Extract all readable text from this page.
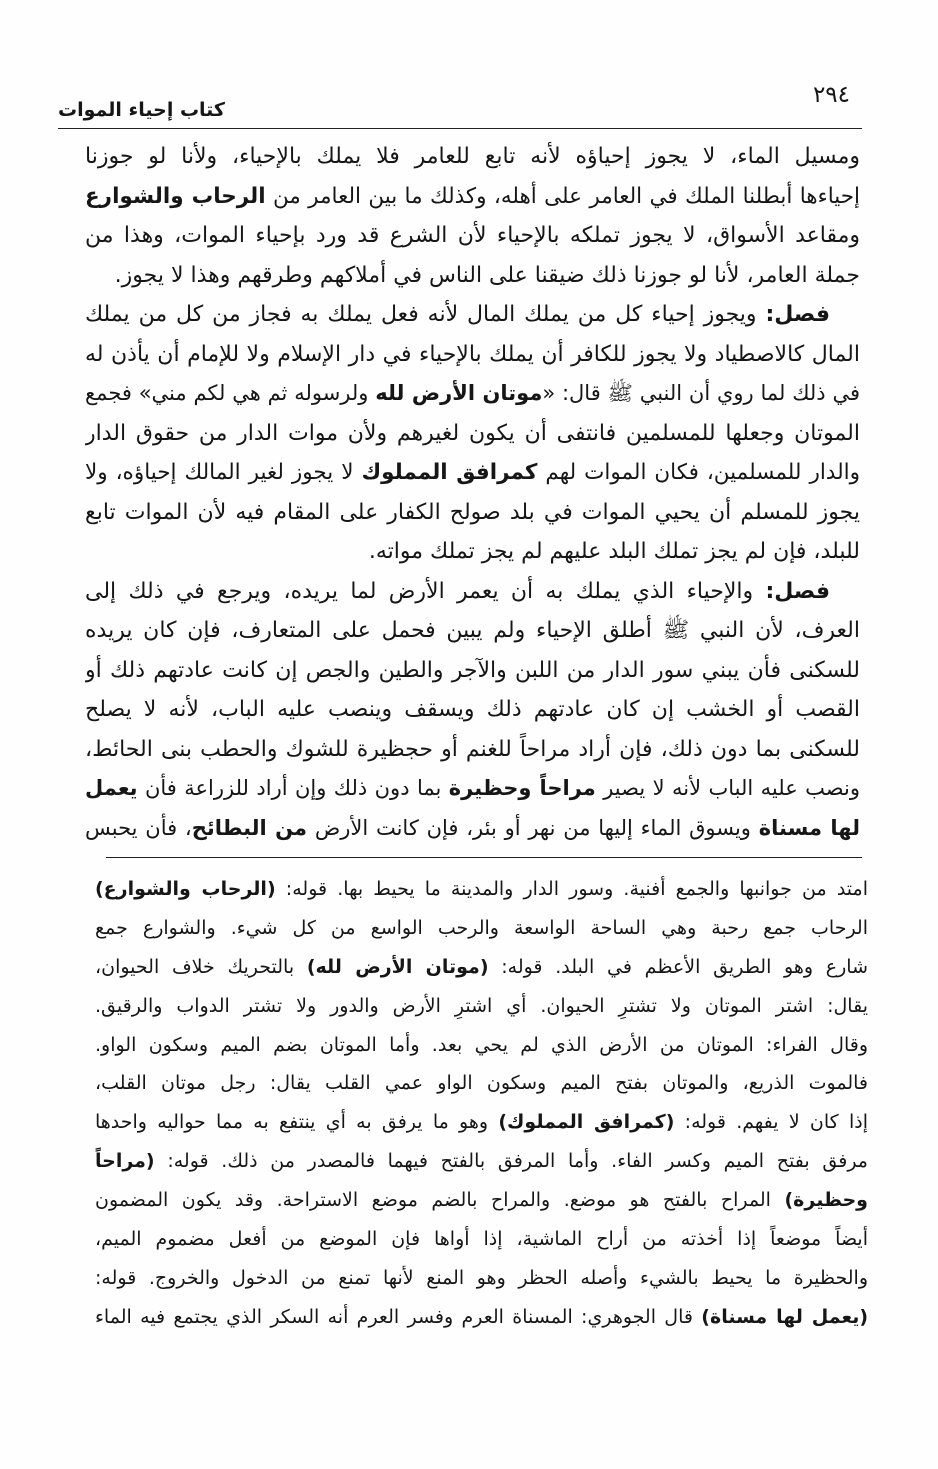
٢٩٤
كتاب إحياء الموات
ومسيل الماء، لا يجوز إحياؤه لأنه تابع للعامر فلا يملك بالإحياء، ولأنا لو جوزنا
إحياءها أبطلنا الملك في العامر على أهله، وكذلك ما بين العامر من الرحاب والشوارع
ومقاعد الأسواق، لا يجوز تملكه بالإحياء لأن الشرع قد ورد بإحياء الموات، وهذا من
جملة العامر، لأنا لو جوزنا ذلك ضيقنا على الناس في أملاكهم وطرقهم وهذا لا يجوز.
فصل: ويجوز إحياء كل من يملك المال لأنه فعل يملك به فجاز من كل من يملك
المال كالاصطياد ولا يجوز للكافر أن يملك بالإحياء في دار الإسلام ولا للإمام أن يأذن له
في ذلك لما روي أن النبي ﷺ قال: «موتان الأرض لله ولرسوله ثم هي لكم مني» فجمع
الموتان وجعلها للمسلمين فانتفى أن يكون لغيرهم ولأن موات الدار من حقوق الدار
والدار للمسلمين، فكان الموات لهم كمرافق المملوك لا يجوز لغير المالك إحياؤه، ولا
يجوز للمسلم أن يحيي الموات في بلد صولح الكفار على المقام فيه لأن الموات تابع
للبلد، فإن لم يجز تملك البلد عليهم لم يجز تملك مواته.
فصل: والإحياء الذي يملك به أن يعمر الأرض لما يريده، ويرجع في ذلك إلى
العرف، لأن النبي ﷺ أطلق الإحياء ولم يبين فحمل على المتعارف، فإن كان يريده
للسكنى فأن يبني سور الدار من اللبن والآجر والطين والجص إن كانت عادتهم ذلك أو
القصب أو الخشب إن كان عادتهم ذلك ويسقف وينصب عليه الباب، لأنه لا يصلح
للسكنى بما دون ذلك، فإن أراد مراحاً للغنم أو حجظيرة للشوك والحطب بنى الحائط،
ونصب عليه الباب لأنه لا يصير مراحاً وحظيرة بما دون ذلك وإن أراد للزراعة فأن يعمل
لها مسناة ويسوق الماء إليها من نهر أو بئر، فإن كانت الأرض من البطائح، فأن يحبس
امتد من جوانبها والجمع أفنية. وسور الدار والمدينة ما يحيط بها. قوله: (الرحاب والشوارع)
الرحاب جمع رحبة وهي الساحة الواسعة والرحب الواسع من كل شيء. والشوارع جمع
شارع وهو الطريق الأعظم في البلد. قوله: (موتان الأرض لله) بالتحريك خلاف الحيوان،
يقال: اشتر الموتان ولا تشترِ الحيوان. أي اشترِ الأرض والدور ولا تشتر الدواب والرقيق.
وقال الفراء: الموتان من الأرض الذي لم يحي بعد. وأما الموتان بضم الميم وسكون الواو.
فالموت الذريع، والموتان بفتح الميم وسكون الواو عمي القلب يقال: رجل موتان القلب،
إذا كان لا يفهم. قوله: (كمرافق المملوك) وهو ما يرفق به أي ينتفع به مما حواليه واحدها
مرفق بفتح الميم وكسر الفاء. وأما المرفق بالفتح فيهما فالمصدر من ذلك. قوله: (مراحاً
وحظيرة) المراح بالفتح هو موضع. والمراح بالضم موضع الاستراحة. وقد يكون المضمون
أيضاً موضعاً إذا أخذته من أراح الماشية، إذا أواها فإن الموضع من أفعل مضموم الميم،
والحظيرة ما يحيط بالشيء وأصله الحظر وهو المنع لأنها تمنع من الدخول والخروج. قوله:
(يعمل لها مسناة) قال الجوهري: المسناة العرم وفسر العرم أنه السكر الذي يجتمع فيه الماء
